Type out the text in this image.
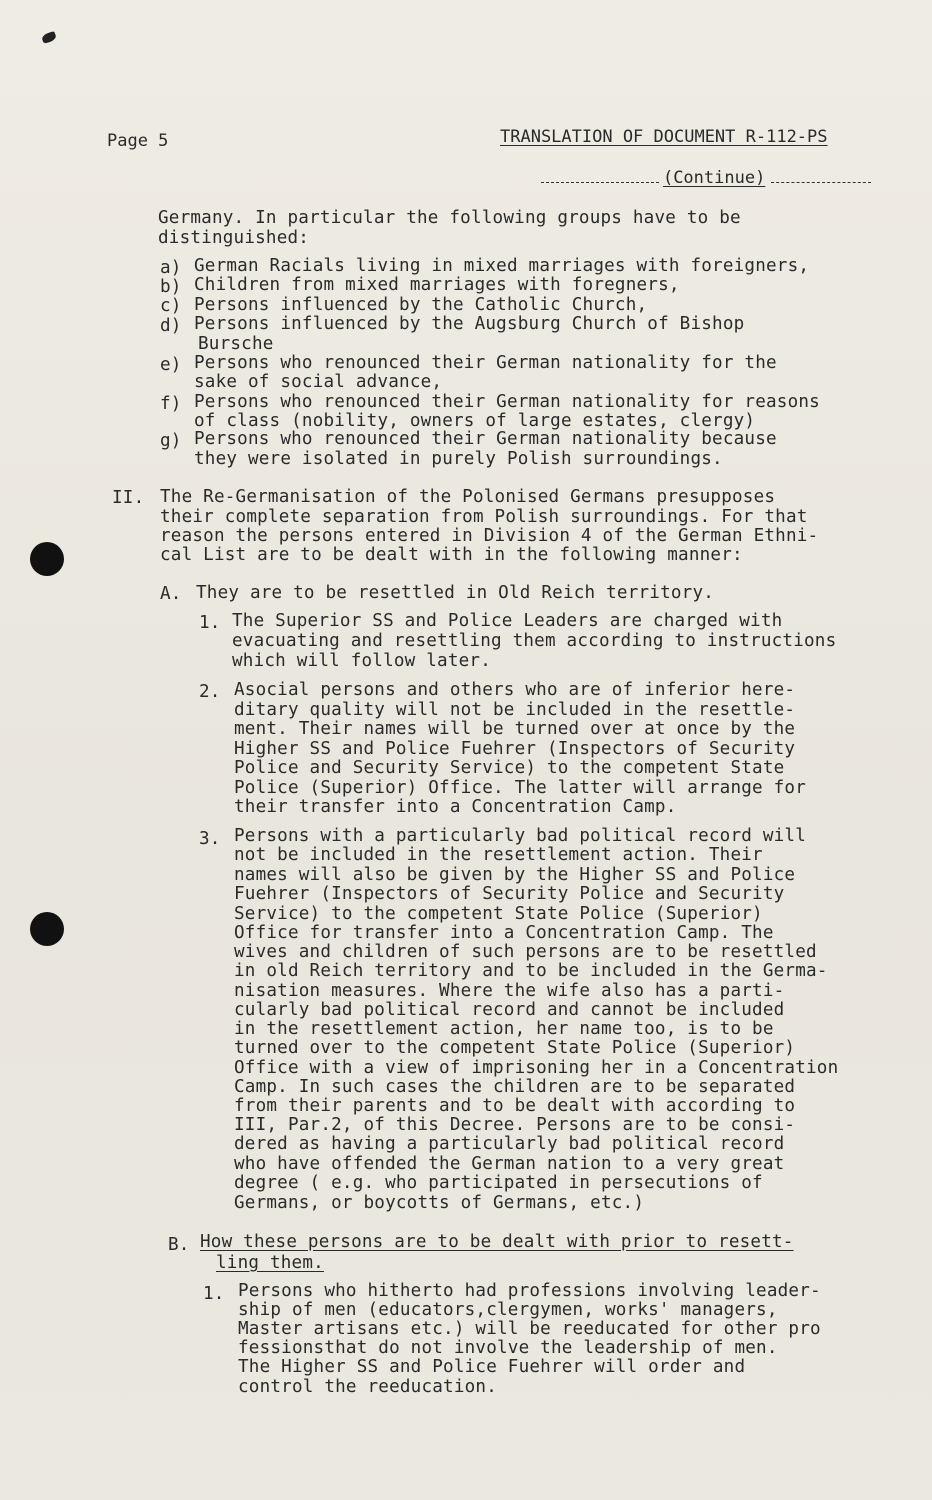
Page 5	TRANSLATION OF DOCUMENT R-112-PS

(Continue)

Germany. In particular the following groups have to be
distinguished:
a) German Racials living in mixed marriages with foreigners,
b) Children from mixed marriages with foregners,
c) Persons influenced by the Catholic Church,
d) Persons influenced by the Augsburg Church of Bishop
Bursche
e) Persons who renounced their German nationality for the
sake of social advance,
f) Persons who renounced their German nationality for reasons
of class (nobility, owners of large estates, clergy)
g) Persons who renounced their German nationality because
they were isolated in purely Polish surroundings.
II. The Re-Germanisation of the Polonised Germans presupposes
their complete separation from Polish surroundings. For that
reason the persons entered in Division 4 of the German Ethni-
cal List are to be dealt with in the following manner:
A. They are to be resettled in Old Reich territory.
1. The Superior SS and Police Leaders are charged with
evacuating and resettling them according to instructions
which will follow later.
2. Asocial persons and others who are of inferior here-
ditary quality will not be included in the resettle-
ment. Their names will be turned over at once by the
Higher SS and Police Fuehrer (Inspectors of Security
Police and Security Service) to the competent State
Police (Superior) Office. The latter will arrange for
their transfer into a Concentration Camp.
3. Persons with a particularly bad political record will
not be included in the resettlement action. Their
names will also be given by the Higher SS and Police
Fuehrer (Inspectors of Security Police and Security
Service) to the competent State Police (Superior)
Office for transfer into a Concentration Camp. The
wives and children of such persons are to be resettled
in old Reich territory and to be included in the Germa-
nisation measures. Where the wife also has a parti-
cularly bad political record and cannot be included
in the resettlement action, her name too, is to be
turned over to the competent State Police (Superior)
Office with a view of imprisoning her in a Concentration
Camp. In such cases the children are to be separated
from their parents and to be dealt with according to
III, Par.2, of this Decree. Persons are to be consi-
dered as having a particularly bad political record
who have offended the German nation to a very great
degree ( e.g. who participated in persecutions of
Germans, or boycotts of Germans, etc.)
B. How these persons are to be dealt with prior to resett-
ling them.
1. Persons who hitherto had professions involving leader-
ship of men (educators,clergymen, works' managers,
Master artisans etc.) will be reeducated for other pro
fessionsthat do not involve the leadership of men.
The Higher SS and Police Fuehrer will order and
control the reeducation.
